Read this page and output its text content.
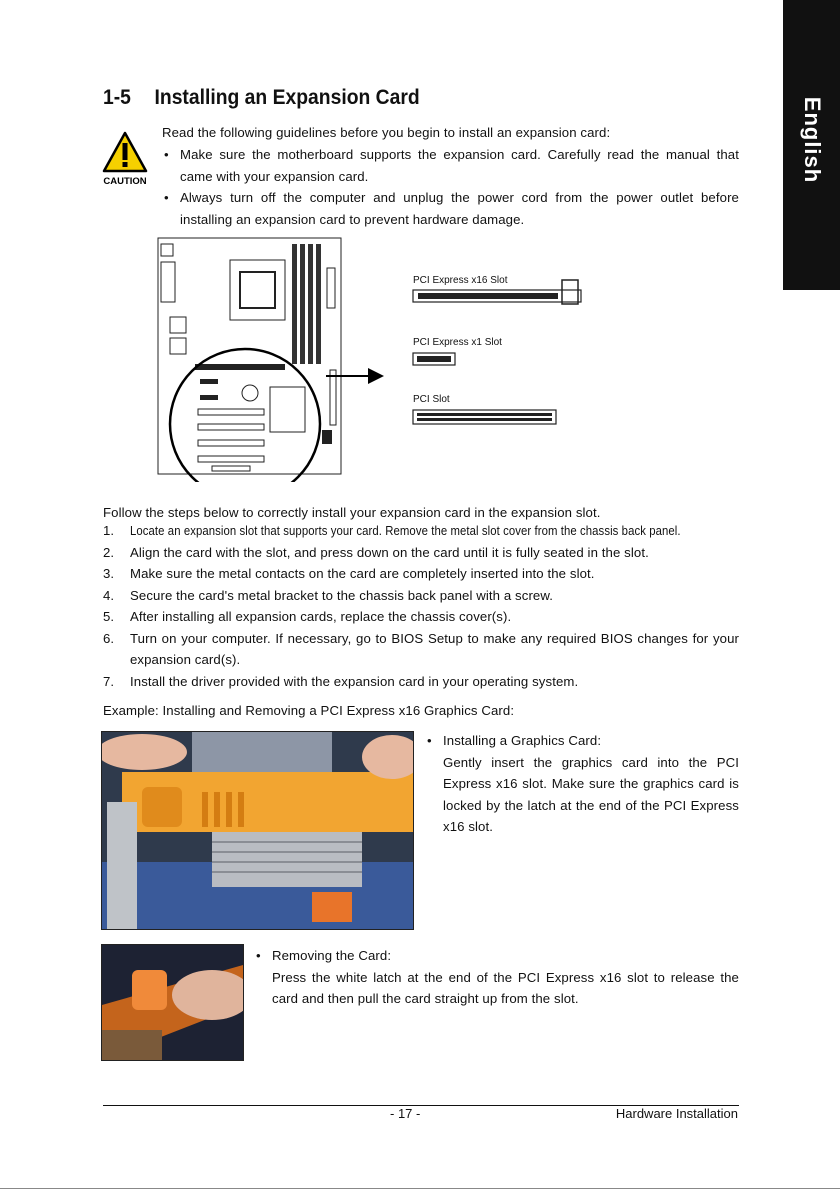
English
1-5 Installing an Expansion Card
CAUTION
Read the following guidelines before you begin to install an expansion card:
• Make sure the motherboard supports the expansion card. Carefully read the manual that came with your expansion card.
• Always turn off the computer and unplug the power cord from the power outlet before installing an expansion card to prevent hardware damage.
PCI Express x16 Slot
PCI Express x1 Slot
PCI Slot
Follow the steps below to correctly install your expansion card in the expansion slot.
1. Locate an expansion slot that supports your card. Remove the metal slot cover from the chassis back panel.
2. Align the card with the slot, and press down on the card until it is fully seated in the slot.
3. Make sure the metal contacts on the card are completely inserted into the slot.
4. Secure the card's metal bracket to the chassis back panel with a screw.
5. After installing all expansion cards, replace the chassis cover(s).
6. Turn on your computer. If necessary, go to BIOS Setup to make any required BIOS changes for your expansion card(s).
7. Install the driver provided with the expansion card in your operating system.
Example: Installing and Removing a PCI Express x16 Graphics Card:
• Installing a Graphics Card:
Gently insert the graphics card into the PCI Express x16 slot. Make sure the graphics card is locked by the latch at the end of the PCI Express x16 slot.
• Removing the Card:
Press the white latch at the end of the PCI Express x16 slot to release the card and then pull the card straight up from the slot.
- 17 -	Hardware Installation
